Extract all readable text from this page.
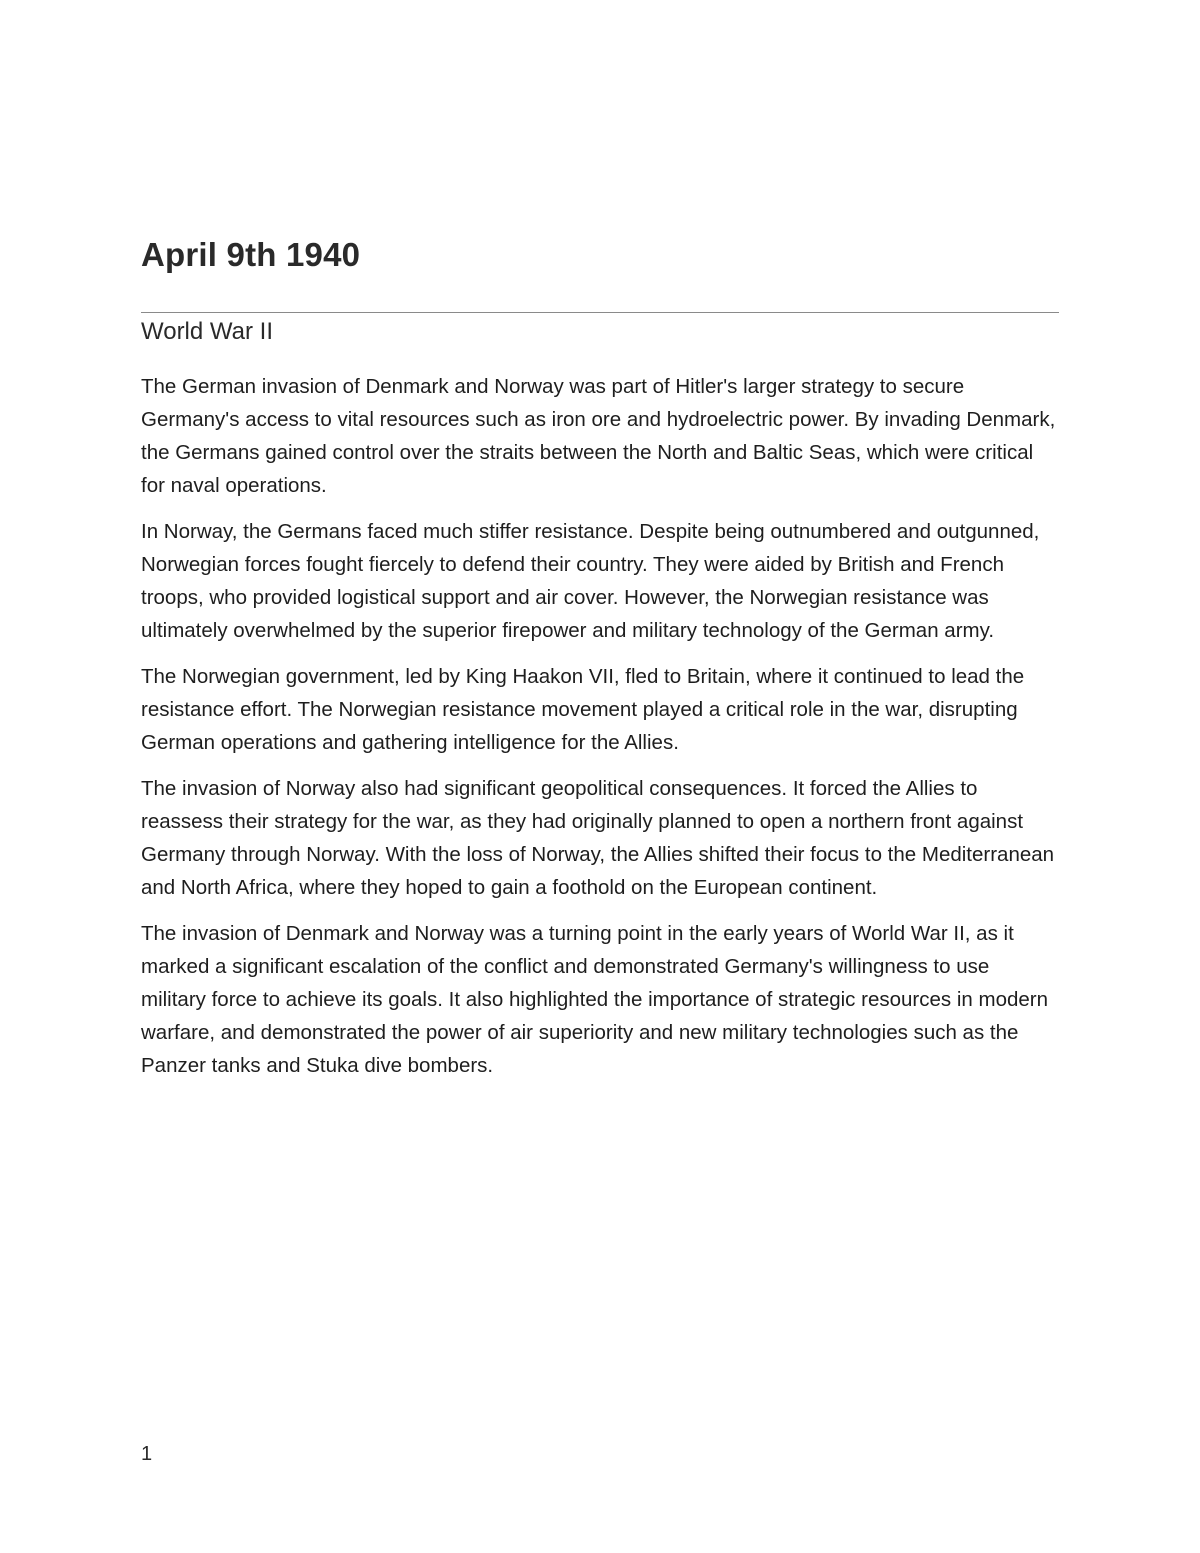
April 9th 1940
World War II

The German invasion of Denmark and Norway was part of Hitler's larger strategy to secure Germany's access to vital resources such as iron ore and hydroelectric power. By invading Denmark, the Germans gained control over the straits between the North and Baltic Seas, which were critical for naval operations.

In Norway, the Germans faced much stiffer resistance. Despite being outnumbered and outgunned, Norwegian forces fought fiercely to defend their country. They were aided by British and French troops, who provided logistical support and air cover. However, the Norwegian resistance was ultimately overwhelmed by the superior firepower and military technology of the German army.

The Norwegian government, led by King Haakon VII, fled to Britain, where it continued to lead the resistance effort. The Norwegian resistance movement played a critical role in the war, disrupting German operations and gathering intelligence for the Allies.

The invasion of Norway also had significant geopolitical consequences. It forced the Allies to reassess their strategy for the war, as they had originally planned to open a northern front against Germany through Norway. With the loss of Norway, the Allies shifted their focus to the Mediterranean and North Africa, where they hoped to gain a foothold on the European continent.

The invasion of Denmark and Norway was a turning point in the early years of World War II, as it marked a significant escalation of the conflict and demonstrated Germany's willingness to use military force to achieve its goals. It also highlighted the importance of strategic resources in modern warfare, and demonstrated the power of air superiority and new military technologies such as the Panzer tanks and Stuka dive bombers.

1
